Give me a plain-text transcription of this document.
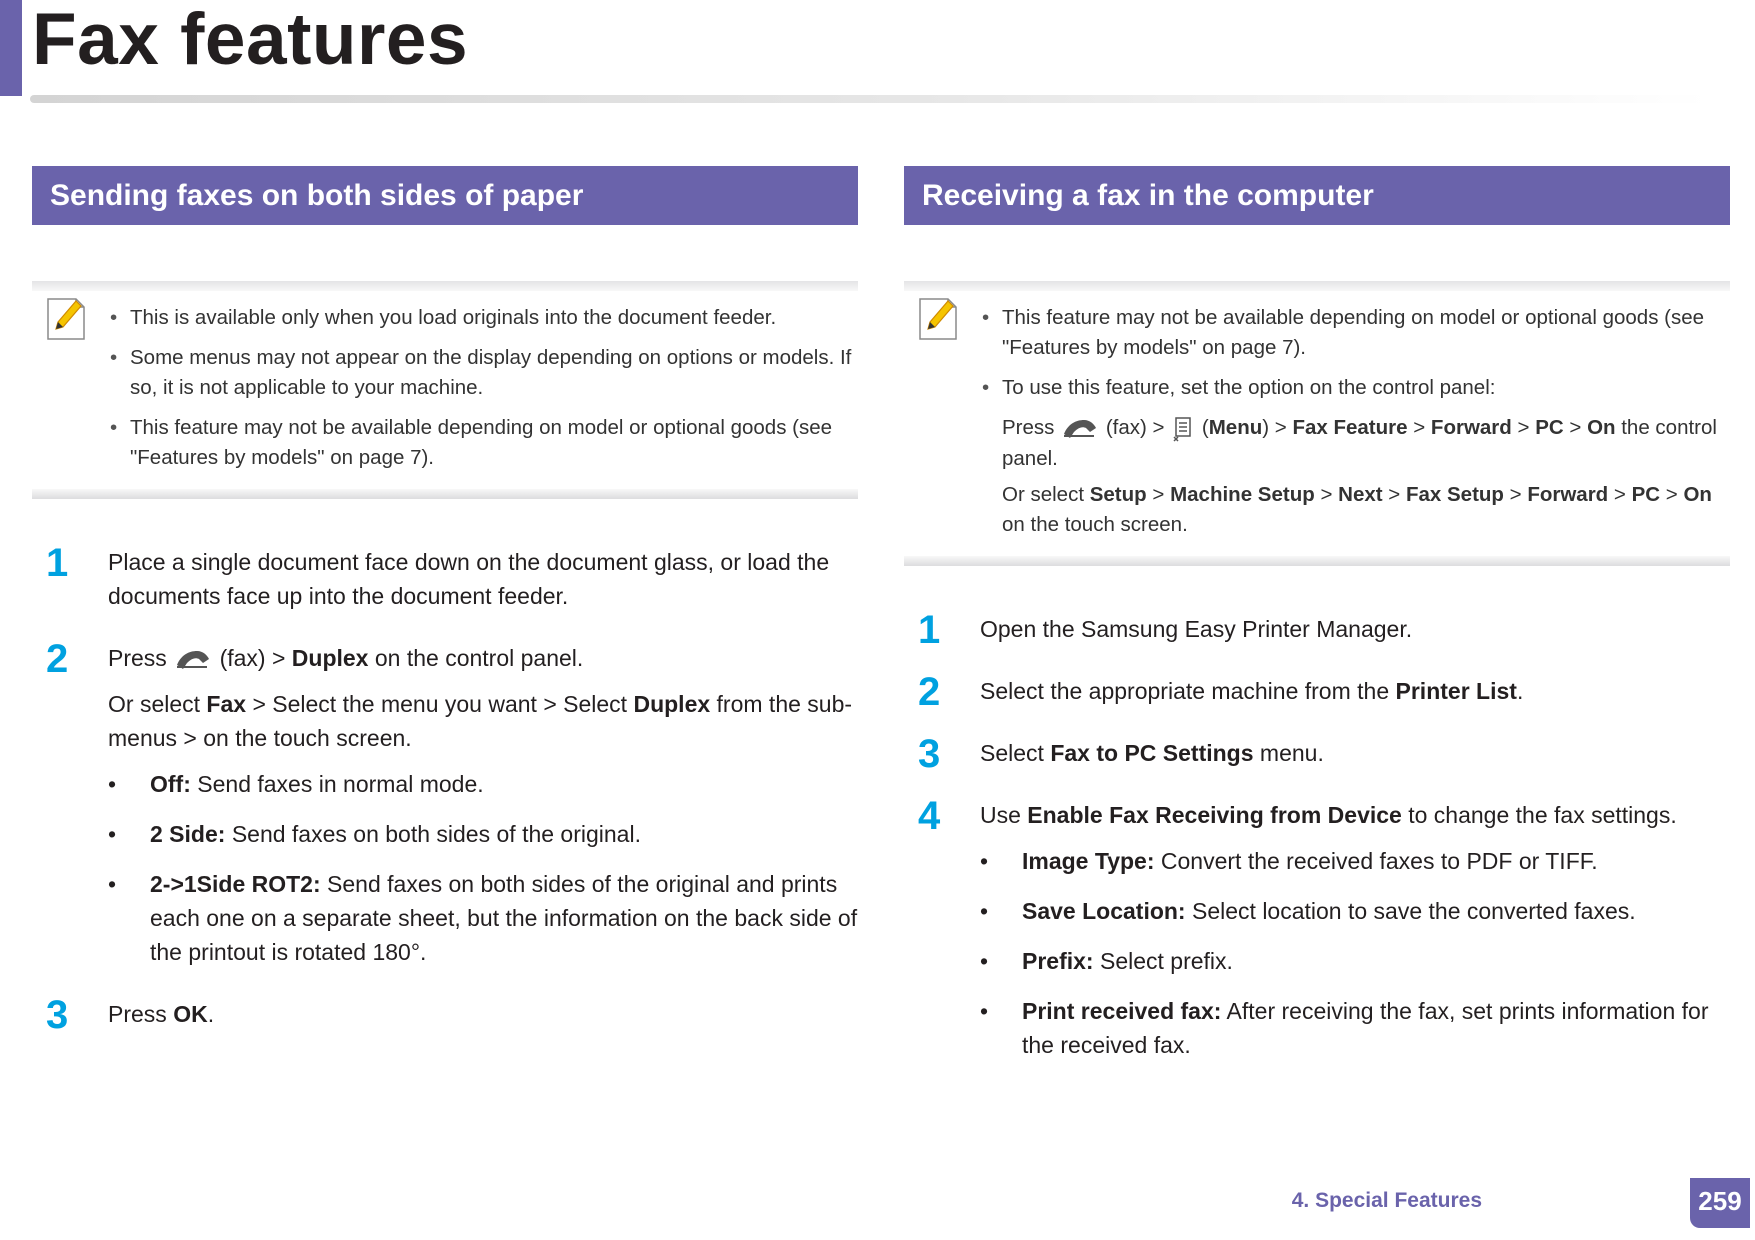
Fax features
Sending faxes on both sides of paper
• This is available only when you load originals into the document feeder.
• Some menus may not appear on the display depending on options or models. If so, it is not applicable to your machine.
• This feature may not be available depending on model or optional goods (see "Features by models" on page 7).
1 Place a single document face down on the document glass, or load the documents face up into the document feeder.

2 Press (fax) > Duplex on the control panel.

Or select Fax > Select the menu you want > Select Duplex from the sub-menus > on the touch screen.

• Off: Send faxes in normal mode.
• 2 Side: Send faxes on both sides of the original.
• 2->1Side ROT2: Send faxes on both sides of the original and prints each one on a separate sheet, but the information on the back side of the printout is rotated 180°.
3 Press OK.

Receiving a fax in the computer
• This feature may not be available depending on model or optional goods (see "Features by models" on page 7).
• To use this feature, set the option on the control panel:

Press	(fax) > (Menu) > Fax Feature > Forward > PC > On the control panel.

Or select Setup > Machine Setup > Next > Fax Setup > Forward > PC > On on the touch screen.

1 Open the Samsung Easy Printer Manager.

2 Select the appropriate machine from the Printer List.

3 Select Fax to PC Settings menu.

4 Use Enable Fax Receiving from Device to change the fax settings.

• Image Type: Convert the received faxes to PDF or TIFF.
• Save Location: Select location to save the converted faxes.
• Prefix: Select prefix.
• Print received fax: After receiving the fax, set prints information for the received fax.
4. Special Features	259
